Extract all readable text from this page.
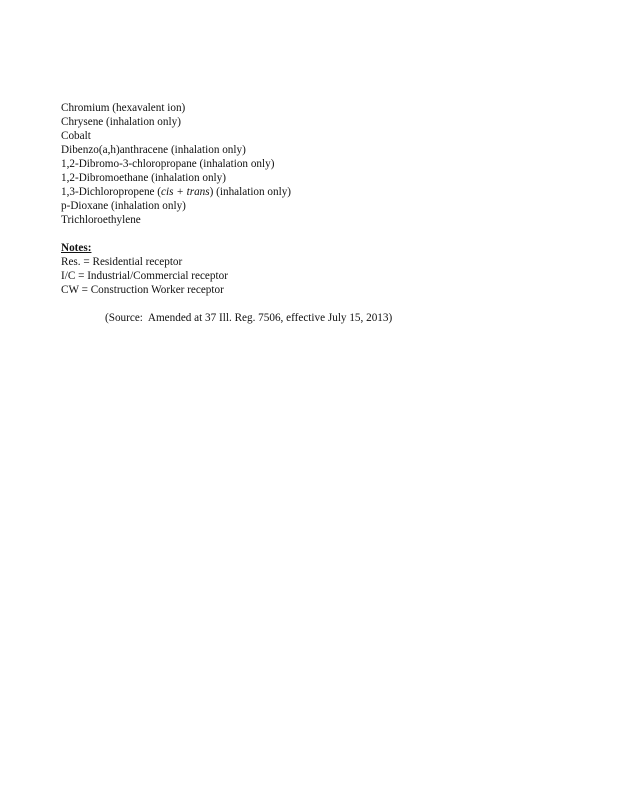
Chromium (hexavalent ion)
Chrysene (inhalation only)
Cobalt
Dibenzo(a,h)anthracene (inhalation only)
1,2-Dibromo-3-chloropropane (inhalation only)
1,2-Dibromoethane (inhalation only)
1,3-Dichloropropene (cis + trans) (inhalation only)
p-Dioxane (inhalation only)
Trichloroethylene

Notes:

Res. = Residential receptor
I/C = Industrial/Commercial receptor
CW = Construction Worker receptor
(Source:  Amended at 37 Ill. Reg. 7506, effective July 15, 2013)
